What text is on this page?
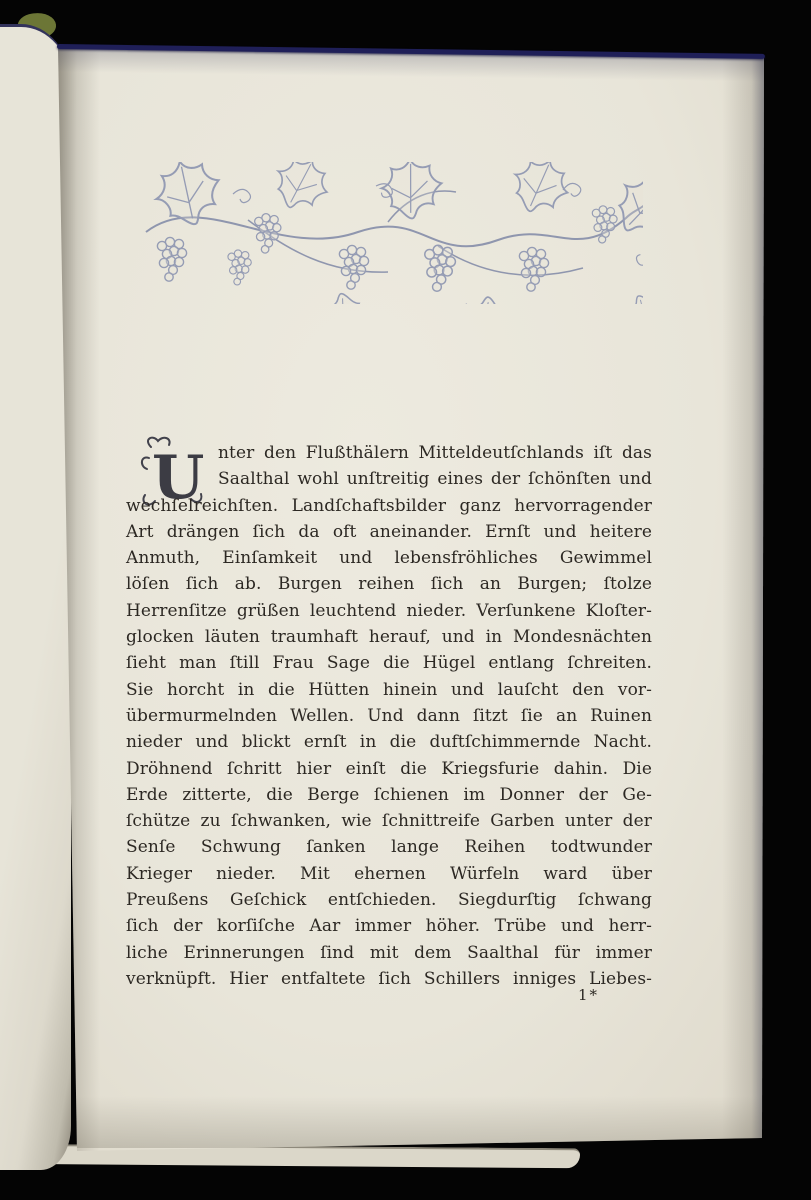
U nter den Flußthälern Mitteldeutſchlands iſt das
Saalthal wohl unſtreitig eines der ſchönſten und
wechſelreichſten. Landſchaftsbilder ganz hervorragender
Art drängen ſich da oft aneinander. Ernſt und heitere
Anmuth, Einſamkeit und lebensfröhliches Gewimmel
löſen ſich ab. Burgen reihen ſich an Burgen; ſtolze
Herrenſitze grüßen leuchtend nieder. Verſunkene Kloſter-
glocken läuten traumhaft herauf, und in Mondesnächten
ſieht man ſtill Frau Sage die Hügel entlang ſchreiten.
Sie horcht in die Hütten hinein und lauſcht den vor-
übermurmelnden Wellen. Und dann ſitzt ſie an Ruinen
nieder und blickt ernſt in die duftſchimmernde Nacht.
Dröhnend ſchritt hier einſt die Kriegsfurie dahin. Die
Erde zitterte, die Berge ſchienen im Donner der Ge-
ſchütze zu ſchwanken, wie ſchnittreife Garben unter der
Senſe Schwung ſanken lange Reihen todtwunder
Krieger nieder. Mit ehernen Würfeln ward über
Preußens Geſchick entſchieden. Siegdurſtig ſchwang
ſich der korſiſche Aar immer höher. Trübe und herr-
liche Erinnerungen ſind mit dem Saalthal für immer
verknüpft. Hier entfaltete ſich Schillers inniges Liebes-
1*
